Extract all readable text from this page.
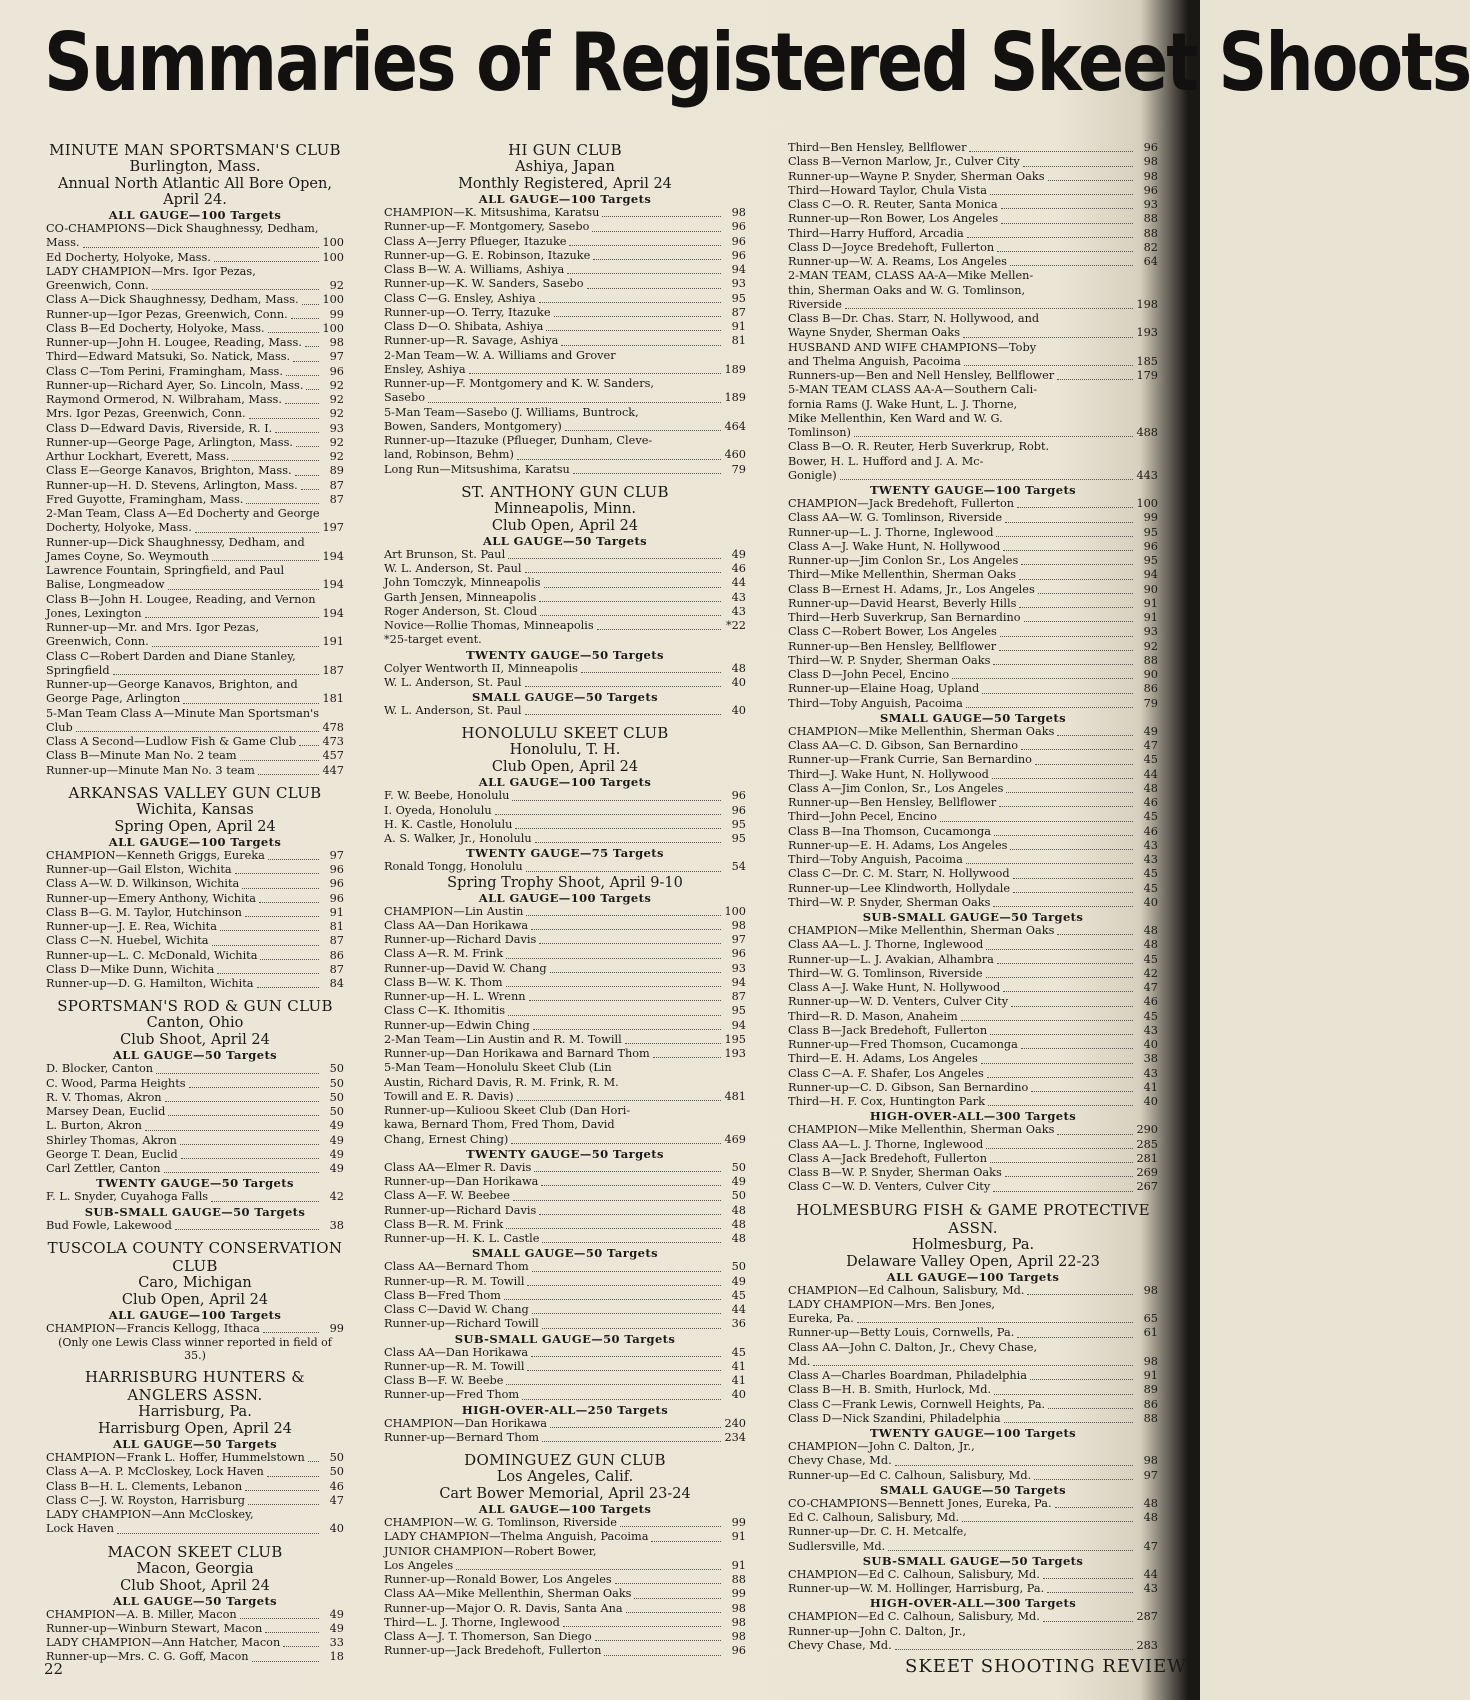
Summaries of Registered Skeet Shoots
MINUTE MAN SPORTSMAN'S CLUB
Burlington, Mass.
Annual North Atlantic All Bore Open,
April 24.
ALL GAUGE—100 Targets
CO-CHAMPIONS—Dick Shaughnessy, Dedham,
Mass.	100
Ed Docherty, Holyoke, Mass.	100
LADY CHAMPION—Mrs. Igor Pezas,
Greenwich, Conn.	92
Class A—Dick Shaughnessy, Dedham, Mass. 100
Runner-up—Igor Pezas, Greenwich, Conn.	99
Class B—Ed Docherty, Holyoke, Mass.	100
Runner-up—John H. Lougee, Reading, Mass.	98
Third—Edward Matsuki, So. Natick, Mass.	97
Class C—Tom Perini, Framingham, Mass.	96
Runner-up—Richard Ayer, So. Lincoln, Mass.	92
Raymond Ormerod, N. Wilbraham, Mass.	92
Mrs. Igor Pezas, Greenwich, Conn.	92
Class D—Edward Davis, Riverside, R. I.	93
Runner-up—George Page, Arlington, Mass.	92
Arthur Lockhart, Everett, Mass.	92
Class E—George Kanavos, Brighton, Mass.	89
Runner-up—H. D. Stevens, Arlington, Mass.	87
Fred Guyotte, Framingham, Mass.	87
2-Man Team, Class A—Ed Docherty and George
Docherty, Holyoke, Mass.	197
Runner-up—Dick Shaughnessy, Dedham, and
James Coyne, So. Weymouth	194
Lawrence Fountain, Springfield, and Paul
Balise, Longmeadow	194
Class B—John H. Lougee, Reading, and Vernon
Jones, Lexington	194
Runner-up—Mr. and Mrs. Igor Pezas,
Greenwich, Conn.	191
Class C—Robert Darden and Diane Stanley,
Springfield	187
Runner-up—George Kanavos, Brighton, and
George Page, Arlington	181
5-Man Team Class A—Minute Man Sportsman's
Club	478
Class A Second—Ludlow Fish & Game Club 473
Class B—Minute Man No. 2 team	457
Runner-up—Minute Man No. 3 team	447
ARKANSAS VALLEY GUN CLUB
Wichita, Kansas
Spring Open, April 24
ALL GAUGE—100 Targets
CHAMPION—Kenneth Griggs, Eureka	97
Runner-up—Gail Elston, Wichita	96
Class A—W. D. Wilkinson, Wichita	96
Runner-up—Emery Anthony, Wichita	96
Class B—G. M. Taylor, Hutchinson	91
Runner-up—J. E. Rea, Wichita	81
Class C—N. Huebel, Wichita	87
Runner-up—L. C. McDonald, Wichita	86
Class D—Mike Dunn, Wichita	87
Runner-up—D. G. Hamilton, Wichita	84
SPORTSMAN'S ROD & GUN CLUB
Canton, Ohio
Club Shoot, April 24
ALL GAUGE—50 Targets
D. Blocker, Canton	50
C. Wood, Parma Heights	50
R. V. Thomas, Akron	50
Marsey Dean, Euclid	50
L. Burton, Akron	49
Shirley Thomas, Akron	49
George T. Dean, Euclid	49
Carl Zettler, Canton	49
TWENTY GAUGE—50 Targets
F. L. Snyder, Cuyahoga Falls	42
SUB-SMALL GAUGE—50 Targets
Bud Fowle, Lakewood	38
TUSCOLA COUNTY CONSERVATION CLUB
Caro, Michigan
Club Open, April 24
ALL GAUGE—100 Targets
CHAMPION—Francis Kellogg, Ithaca	99
(Only one Lewis Class winner reported in field of 35.)
HARRISBURG HUNTERS & ANGLERS ASSN.
Harrisburg, Pa.
Harrisburg Open, April 24
ALL GAUGE—50 Targets
CHAMPION—Frank L. Hoffer, Hummelstown	50
Class A—A. P. McCloskey, Lock Haven	50
Class B—H. L. Clements, Lebanon	46
Class C—J. W. Royston, Harrisburg	47
LADY CHAMPION—Ann McCloskey,
Lock Haven	40
MACON SKEET CLUB
Macon, Georgia
Club Shoot, April 24
ALL GAUGE—50 Targets
CHAMPION—A. B. Miller, Macon	49
Runner-up—Winburn Stewart, Macon	49
LADY CHAMPION—Ann Hatcher, Macon	33
Runner-up—Mrs. C. G. Goff, Macon	18
HI GUN CLUB
Ashiya, Japan
Monthly Registered, April 24
ALL GAUGE—100 Targets
CHAMPION—K. Mitsushima, Karatsu	98
Runner-up—F. Montgomery, Sasebo	96
Class A—Jerry Pflueger, Itazuke	96
Runner-up—G. E. Robinson, Itazuke	96
Class B—W. A. Williams, Ashiya	94
Runner-up—K. W. Sanders, Sasebo	93
Class C—G. Ensley, Ashiya	95
Runner-up—O. Terry, Itazuke	87
Class D—O. Shibata, Ashiya	91
Runner-up—R. Savage, Ashiya	81
2-Man Team—W. A. Williams and Grover
Ensley, Ashiya	189
Runner-up—F. Montgomery and K. W. Sanders,
Sasebo	189
5-Man Team—Sasebo (J. Williams, Buntrock,
Bowen, Sanders, Montgomery)	464
Runner-up—Itazuke (Pflueger, Dunham, Cleve-
land, Robinson, Behm)	460
Long Run—Mitsushima, Karatsu	79
ST. ANTHONY GUN CLUB
Minneapolis, Minn.
Club Open, April 24
ALL GAUGE—50 Targets
Art Brunson, St. Paul	49
W. L. Anderson, St. Paul	46
John Tomczyk, Minneapolis	44
Garth Jensen, Minneapolis	43
Roger Anderson, St. Cloud	43
Novice—Rollie Thomas, Minneapolis	*22
*25-target event.
TWENTY GAUGE—50 Targets
Colyer Wentworth II, Minneapolis	48
W. L. Anderson, St. Paul	40
SMALL GAUGE—50 Targets
W. L. Anderson, St. Paul	40
HONOLULU SKEET CLUB
Honolulu, T. H.
Club Open, April 24
ALL GAUGE—100 Targets
F. W. Beebe, Honolulu	96
I. Oyeda, Honolulu	96
H. K. Castle, Honolulu	95
A. S. Walker, Jr., Honolulu	95
TWENTY GAUGE—75 Targets
Ronald Tongg, Honolulu	54
Spring Trophy Shoot, April 9-10
ALL GAUGE—100 Targets
CHAMPION—Lin Austin	100
Class AA—Dan Horikawa	98
Runner-up—Richard Davis	97
Class A—R. M. Frink	96
Runner-up—David W. Chang	93
Class B—W. K. Thom	94
Runner-up—H. L. Wrenn	87
Class C—K. Ithomitis	95
Runner-up—Edwin Ching	94
2-Man Team—Lin Austin and R. M. Towill	195
Runner-up—Dan Horikawa and Barnard Thom	193
5-Man Team—Honolulu Skeet Club (Lin
Austin, Richard Davis, R. M. Frink, R. M.
Towill and E. R. Davis)	481
Runner-up—Kulioou Skeet Club (Dan Hori-
kawa, Bernard Thom, Fred Thom, David
Chang, Ernest Ching)	469
TWENTY GAUGE—50 Targets
Class AA—Elmer R. Davis	50
Runner-up—Dan Horikawa	49
Class A—F. W. Beebee	50
Runner-up—Richard Davis	48
Class B—R. M. Frink	48
Runner-up—H. K. L. Castle	48
SMALL GAUGE—50 Targets
Class AA—Bernard Thom	50
Runner-up—R. M. Towill	49
Class B—Fred Thom	45
Class C—David W. Chang	44
Runner-up—Richard Towill	36
SUB-SMALL GAUGE—50 Targets
Class AA—Dan Horikawa	45
Runner-up—R. M. Towill	41
Class B—F. W. Beebe	41
Runner-up—Fred Thom	40
HIGH-OVER-ALL—250 Targets
CHAMPION—Dan Horikawa	240
Runner-up—Bernard Thom	234
DOMINGUEZ GUN CLUB
Los Angeles, Calif.
Cart Bower Memorial, April 23-24
ALL GAUGE—100 Targets
CHAMPION—W. G. Tomlinson, Riverside	99
LADY CHAMPION—Thelma Anguish, Pacoima	91
JUNIOR CHAMPION—Robert Bower,
Los Angeles	91
Runner-up—Ronald Bower, Los Angeles	88
Class AA—Mike Mellenthin, Sherman Oaks	99
Runner-up—Major O. R. Davis, Santa Ana	98
Third—L. J. Thorne, Inglewood	98
Class A—J. T. Thomerson, San Diego	98
Runner-up—Jack Bredehoft, Fullerton	96
Third—Ben Hensley, Bellflower	96
Class B—Vernon Marlow, Jr., Culver City	98
Runner-up—Wayne P. Snyder, Sherman Oaks	98
Third—Howard Taylor, Chula Vista	96
Class C—O. R. Reuter, Santa Monica	93
Runner-up—Ron Bower, Los Angeles	88
Third—Harry Hufford, Arcadia	88
Class D—Joyce Bredehoft, Fullerton	82
Runner-up—W. A. Reams, Los Angeles	64
2-MAN TEAM, CLASS AA-A—Mike Mellen-
thin, Sherman Oaks and W. G. Tomlinson,
Riverside	198
Class B—Dr. Chas. Starr, N. Hollywood, and
Wayne Snyder, Sherman Oaks	193
HUSBAND AND WIFE CHAMPIONS—Toby
and Thelma Anguish, Pacoima	185
Runners-up—Ben and Nell Hensley, Bellflower	179
5-MAN TEAM CLASS AA-A—Southern Cali-
fornia Rams (J. Wake Hunt, L. J. Thorne,
Mike Mellenthin, Ken Ward and W. G.
Tomlinson)	488
Class B—O. R. Reuter, Herb Suverkrup, Robt.
Bower, H. L. Hufford and J. A. Mc-
Gonigle)	443
TWENTY GAUGE—100 Targets
CHAMPION—Jack Bredehoft, Fullerton	100
Class AA—W. G. Tomlinson, Riverside	99
Runner-up—L. J. Thorne, Inglewood	95
Class A—J. Wake Hunt, N. Hollywood	96
Runner-up—Jim Conlon Sr., Los Angeles	95
Third—Mike Mellenthin, Sherman Oaks	94
Class B—Ernest H. Adams, Jr., Los Angeles	90
Runner-up—David Hearst, Beverly Hills	91
Third—Herb Suverkrup, San Bernardino	91
Class C—Robert Bower, Los Angeles	93
Runner-up—Ben Hensley, Bellflower	92
Third—W. P. Snyder, Sherman Oaks	88
Class D—John Pecel, Encino	90
Runner-up—Elaine Hoag, Upland	86
Third—Toby Anguish, Pacoima	79
SMALL GAUGE—50 Targets
CHAMPION—Mike Mellenthin, Sherman Oaks	49
Class AA—C. D. Gibson, San Bernardino	47
Runner-up—Frank Currie, San Bernardino	45
Third—J. Wake Hunt, N. Hollywood	44
Class A—Jim Conlon, Sr., Los Angeles	48
Runner-up—Ben Hensley, Bellflower	46
Third—John Pecel, Encino	45
Class B—Ina Thomson, Cucamonga	46
Runner-up—E. H. Adams, Los Angeles	43
Third—Toby Anguish, Pacoima	43
Class C—Dr. C. M. Starr, N. Hollywood	45
Runner-up—Lee Klindworth, Hollydale	45
Third—W. P. Snyder, Sherman Oaks	40
SUB-SMALL GAUGE—50 Targets
CHAMPION—Mike Mellenthin, Sherman Oaks	48
Class AA—L. J. Thorne, Inglewood	48
Runner-up—L. J. Avakian, Alhambra	45
Third—W. G. Tomlinson, Riverside	42
Class A—J. Wake Hunt, N. Hollywood	47
Runner-up—W. D. Venters, Culver City	46
Third—R. D. Mason, Anaheim	45
Class B—Jack Bredehoft, Fullerton	43
Runner-up—Fred Thomson, Cucamonga	40
Third—E. H. Adams, Los Angeles	38
Class C—A. F. Shafer, Los Angeles	43
Runner-up—C. D. Gibson, San Bernardino	41
Third—H. F. Cox, Huntington Park	40
HIGH-OVER-ALL—300 Targets
CHAMPION—Mike Mellenthin, Sherman Oaks	290
Class AA—L. J. Thorne, Inglewood	285
Class A—Jack Bredehoft, Fullerton	281
Class B—W. P. Snyder, Sherman Oaks	269
Class C—W. D. Venters, Culver City	267
HOLMESBURG FISH & GAME PROTECTIVE ASSN.
Holmesburg, Pa.
Delaware Valley Open, April 22-23
ALL GAUGE—100 Targets
CHAMPION—Ed Calhoun, Salisbury, Md.	98
LADY CHAMPION—Mrs. Ben Jones,
Eureka, Pa.	65
Runner-up—Betty Louis, Cornwells, Pa.	61
Class AA—John C. Dalton, Jr., Chevy Chase,
Md.	98
Class A—Charles Boardman, Philadelphia	91
Class B—H. B. Smith, Hurlock, Md.	89
Class C—Frank Lewis, Cornwell Heights, Pa.	86
Class D—Nick Szandini, Philadelphia	88
TWENTY GAUGE—100 Targets
CHAMPION—John C. Dalton, Jr.,
Chevy Chase, Md.	98
Runner-up—Ed C. Calhoun, Salisbury, Md.	97
SMALL GAUGE—50 Targets
CO-CHAMPIONS—Bennett Jones, Eureka, Pa.	48
Ed C. Calhoun, Salisbury, Md.	48
Runner-up—Dr. C. H. Metcalfe,
Sudlersville, Md.	47
SUB-SMALL GAUGE—50 Targets
CHAMPION—Ed C. Calhoun, Salisbury, Md.	44
Runner-up—W. M. Hollinger, Harrisburg, Pa.	43
HIGH-OVER-ALL—300 Targets
CHAMPION—Ed C. Calhoun, Salisbury, Md.	287
Runner-up—John C. Dalton, Jr.,
Chevy Chase, Md.	283
22	SKEET SHOOTING REVIEW
